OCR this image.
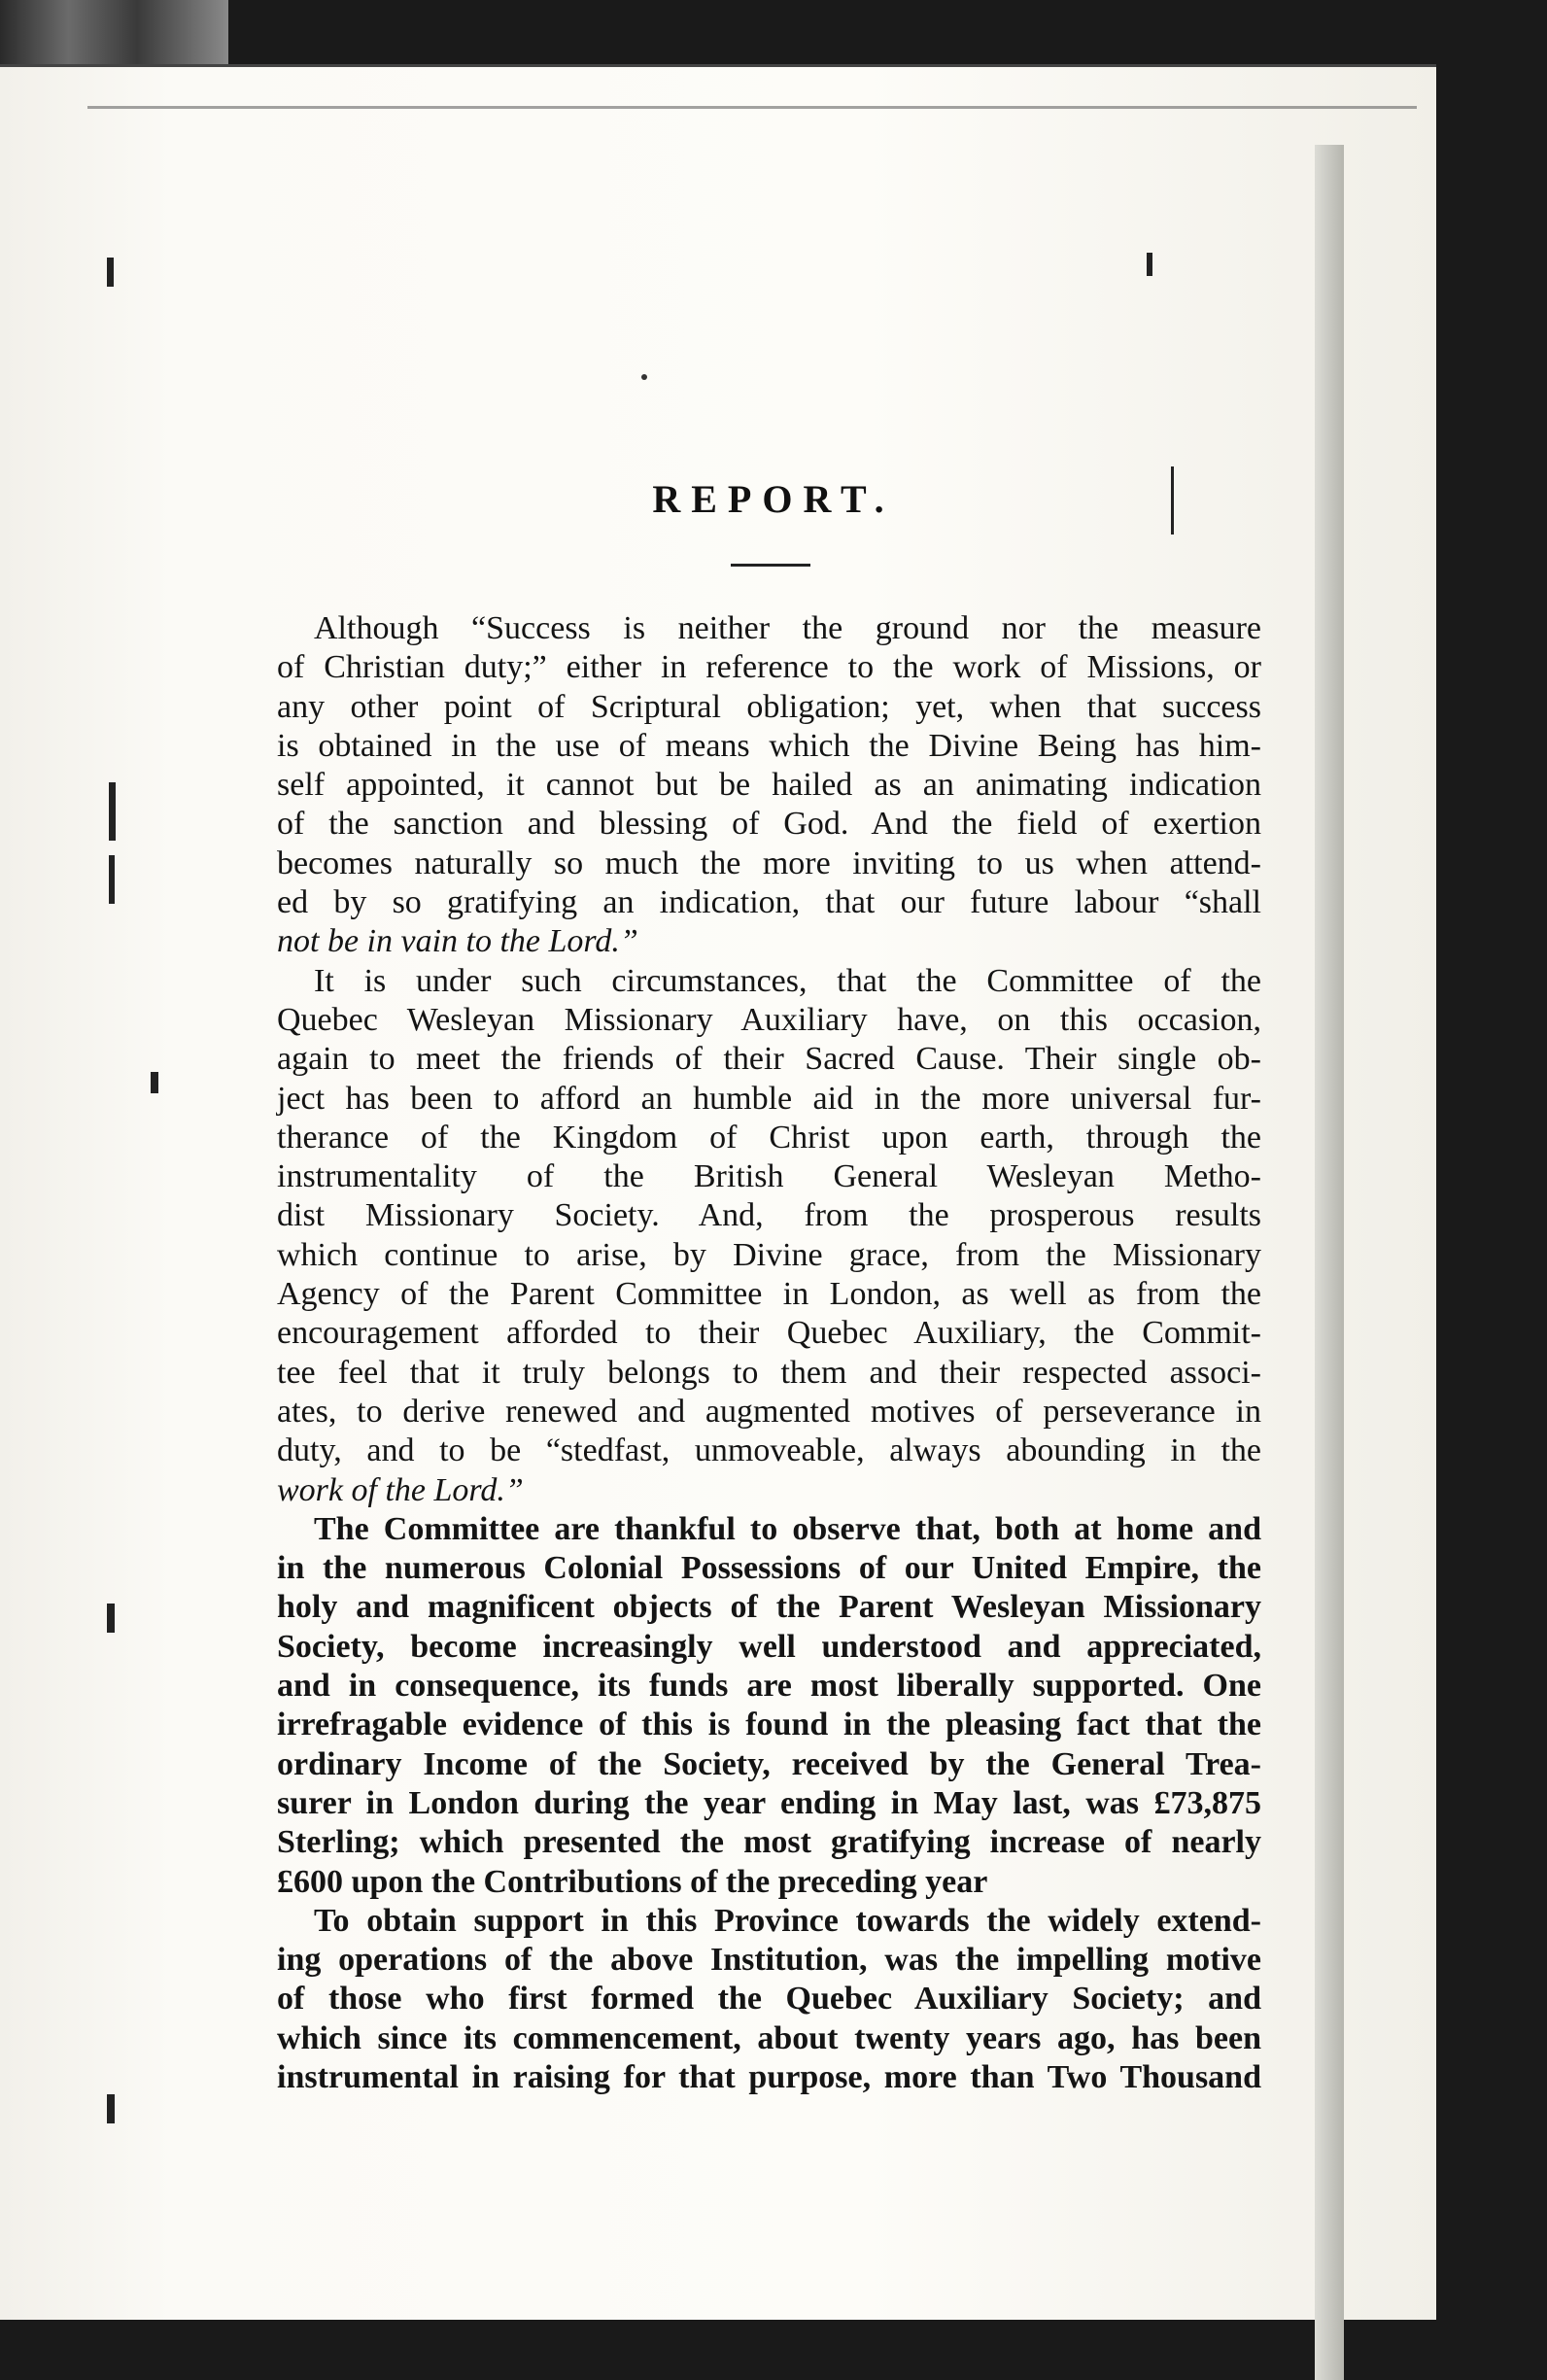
REPORT.

Although “Success is neither the ground nor the measure
of Christian duty;” either in reference to the work of Missions, or
any other point of Scriptural obligation; yet, when that success
is obtained in the use of means which the Divine Being has him-
self appointed, it cannot but be hailed as an animating indication
of the sanction and blessing of God. And the field of exertion
becomes naturally so much the more inviting to us when attend-
ed by so gratifying an indication, that our future labour “shall
not be in vain to the Lord.”

It is under such circumstances, that the Committee of the
Quebec Wesleyan Missionary Auxiliary have, on this occasion,
again to meet the friends of their Sacred Cause. Their single ob-
ject has been to afford an humble aid in the more universal fur-
therance of the Kingdom of Christ upon earth, through the
instrumentality of the British General Wesleyan Metho-
dist Missionary Society. And, from the prosperous results
which continue to arise, by Divine grace, from the Missionary
Agency of the Parent Committee in London, as well as from the
encouragement afforded to their Quebec Auxiliary, the Commit-
tee feel that it truly belongs to them and their respected associ-
ates, to derive renewed and augmented motives of perseverance in
duty, and to be “stedfast, unmoveable, always abounding in the
work of the Lord.”

The Committee are thankful to observe that, both at home and
in the numerous Colonial Possessions of our United Empire, the
holy and magnificent objects of the Parent Wesleyan Missionary
Society, become increasingly well understood and appreciated,
and in consequence, its funds are most liberally supported. One
irrefragable evidence of this is found in the pleasing fact that the
ordinary Income of the Society, received by the General Trea-
surer in London during the year ending in May last, was £73,875
Sterling; which presented the most gratifying increase of nearly
£600 upon the Contributions of the preceding year

To obtain support in this Province towards the widely extend-
ing operations of the above Institution, was the impelling motive
of those who first formed the Quebec Auxiliary Society; and
which since its commencement, about twenty years ago, has been
instrumental in raising for that purpose, more than Two Thousand
